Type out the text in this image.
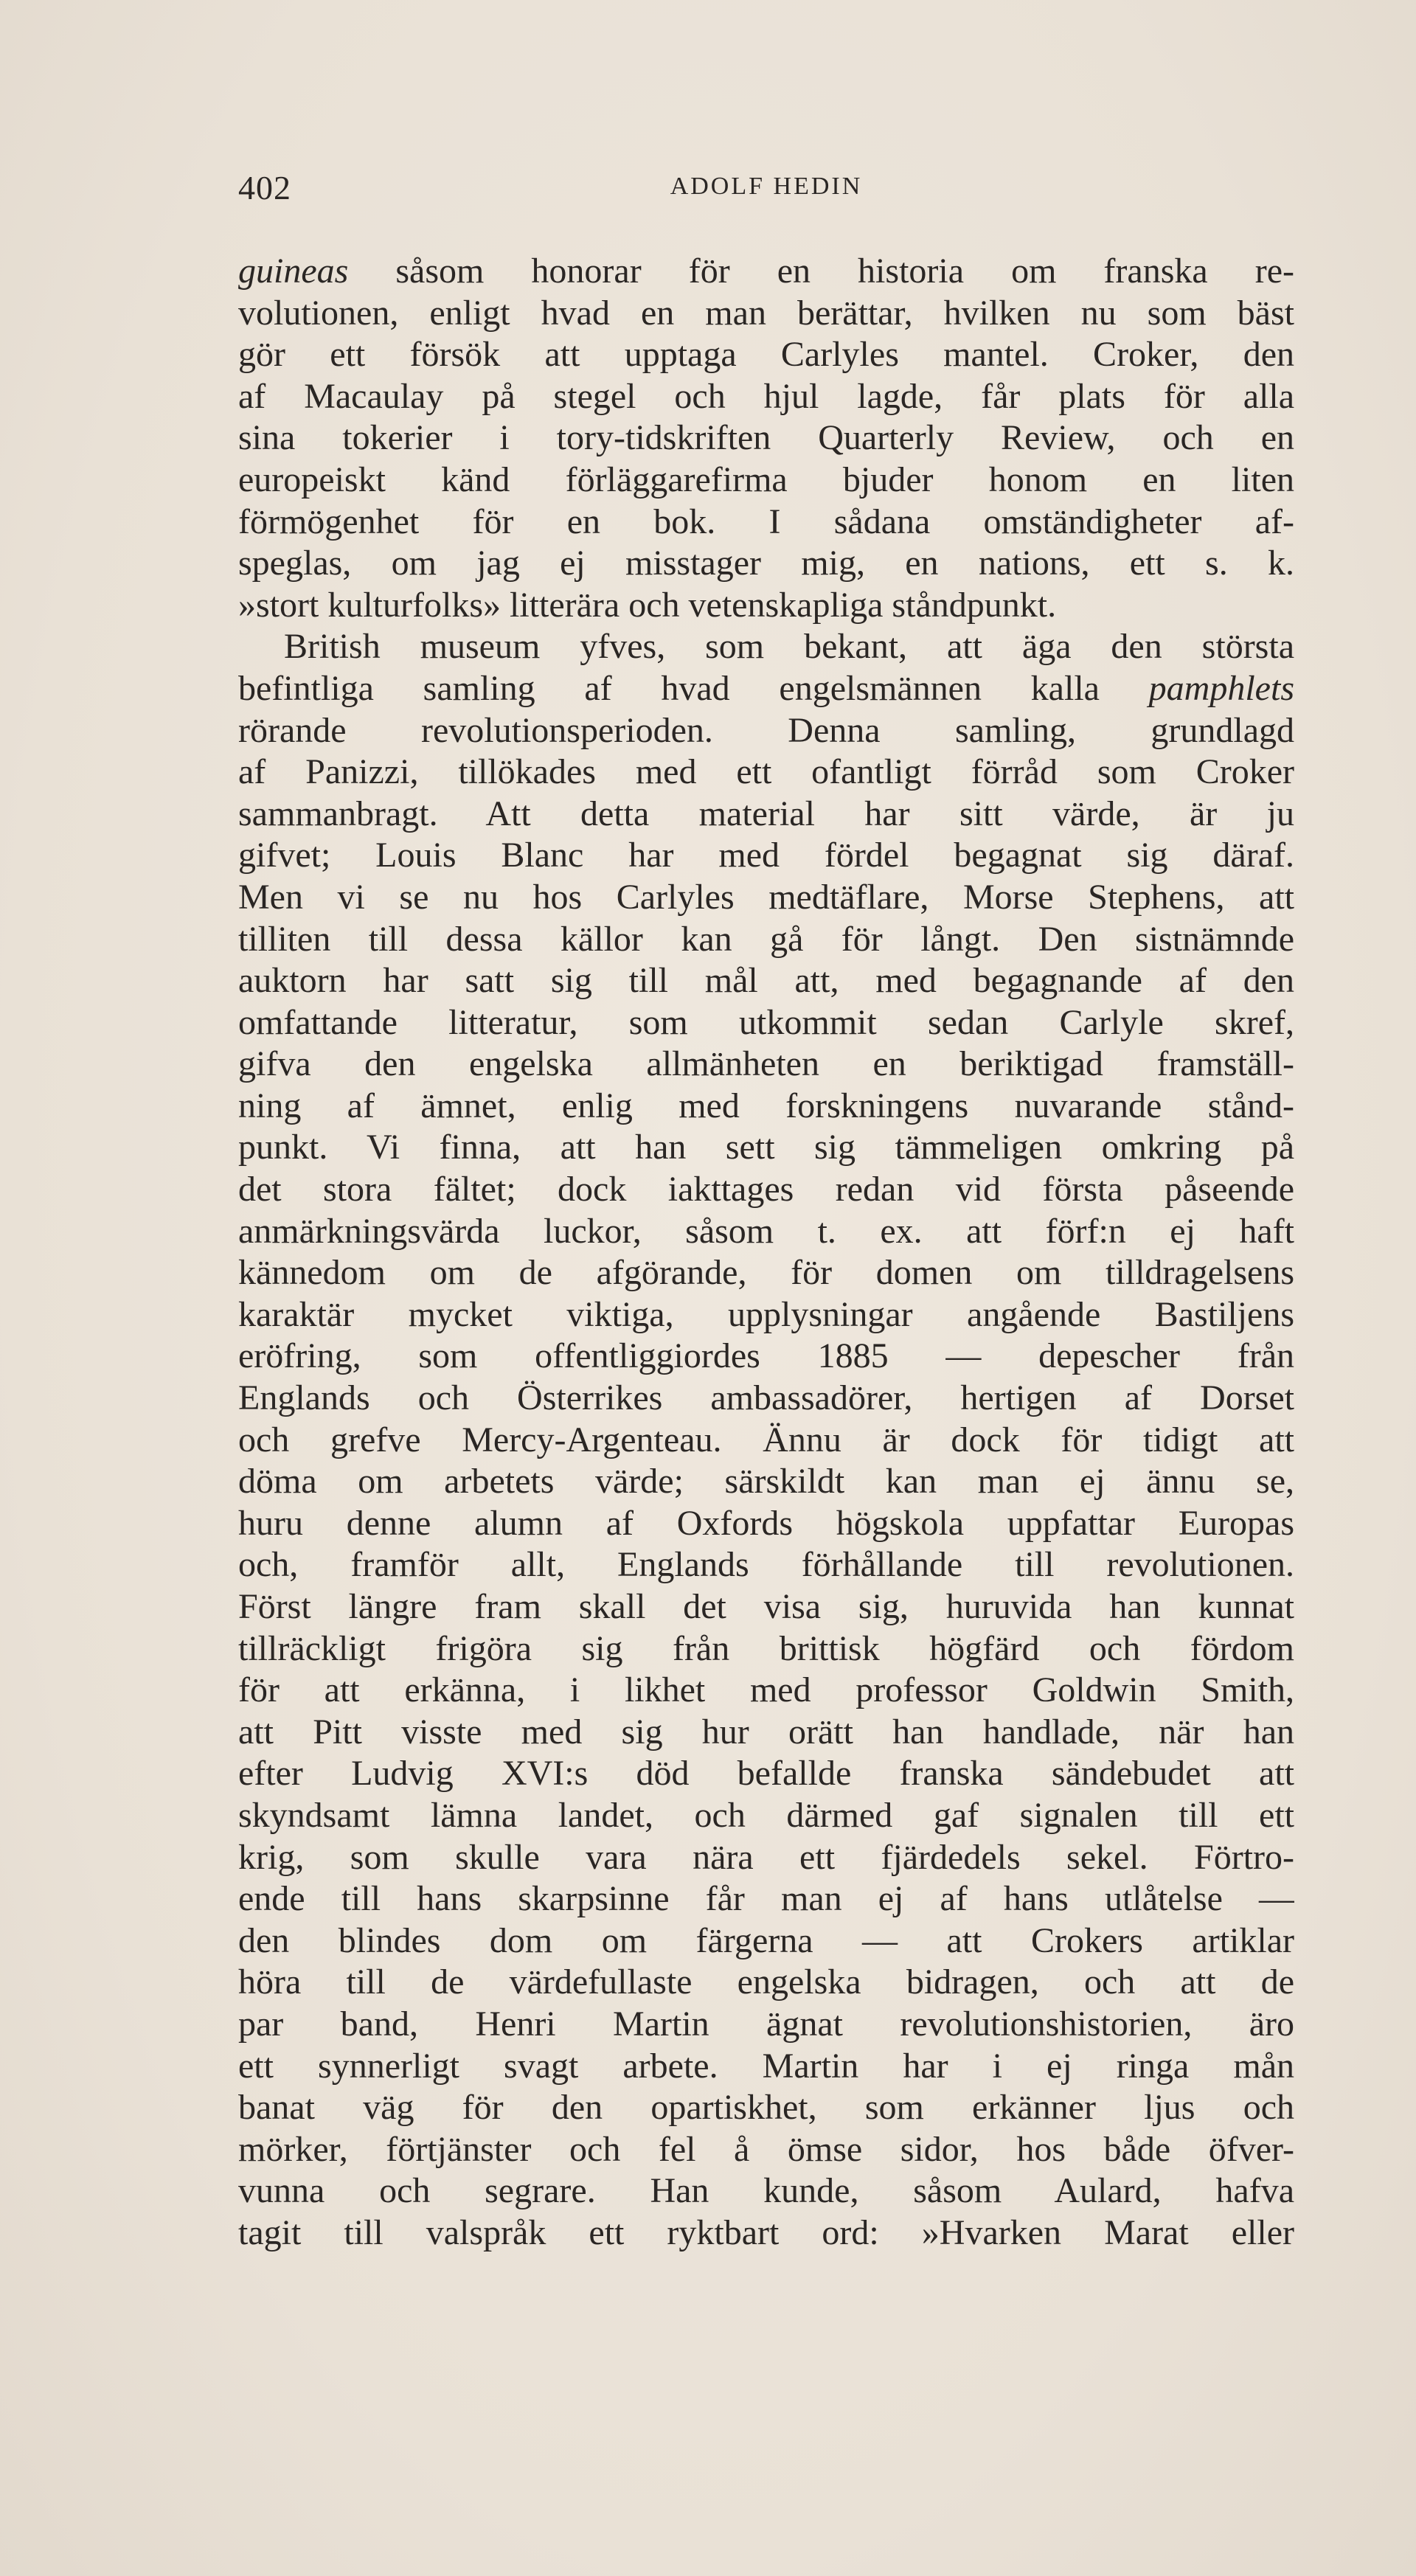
402	ADOLF HEDIN
guineas såsom honorar för en historia om franska re-
volutionen, enligt hvad en man berättar, hvilken nu som bäst
gör ett försök att upptaga Carlyles mantel. Croker, den
af Macaulay på stegel och hjul lagde, får plats för alla
sina tokerier i tory-tidskriften Quarterly Review, och en
europeiskt känd förläggarefirma bjuder honom en liten
förmögenhet för en bok. I sådana omständigheter af-
speglas, om jag ej misstager mig, en nations, ett s. k.
»stort kulturfolks» litterära och vetenskapliga ståndpunkt.
British museum yfves, som bekant, att äga den största
befintliga samling af hvad engelsmännen kalla pamphlets
rörande revolutionsperioden. Denna samling, grundlagd
af Panizzi, tillökades med ett ofantligt förråd som Croker
sammanbragt. Att detta material har sitt värde, är ju
gifvet; Louis Blanc har med fördel begagnat sig däraf.
Men vi se nu hos Carlyles medtäflare, Morse Stephens, att
tilliten till dessa källor kan gå för långt. Den sistnämnde
auktorn har satt sig till mål att, med begagnande af den
omfattande litteratur, som utkommit sedan Carlyle skref,
gifva den engelska allmänheten en beriktigad framställ-
ning af ämnet, enlig med forskningens nuvarande stånd-
punkt. Vi finna, att han sett sig tämmeligen omkring på
det stora fältet; dock iakttages redan vid första påseende
anmärkningsvärda luckor, såsom t. ex. att förf:n ej haft
kännedom om de afgörande, för domen om tilldragelsens
karaktär mycket viktiga, upplysningar angående Bastiljens
eröfring, som offentliggiordes 1885 — depescher från
Englands och Österrikes ambassadörer, hertigen af Dorset
och grefve Mercy-Argenteau. Ännu är dock för tidigt att
döma om arbetets värde; särskildt kan man ej ännu se,
huru denne alumn af Oxfords högskola uppfattar Europas
och, framför allt, Englands förhållande till revolutionen.
Först längre fram skall det visa sig, huruvida han kunnat
tillräckligt frigöra sig från brittisk högfärd och fördom
för att erkänna, i likhet med professor Goldwin Smith,
att Pitt visste med sig hur orätt han handlade, när han
efter Ludvig XVI:s död befallde franska sändebudet att
skyndsamt lämna landet, och därmed gaf signalen till ett
krig, som skulle vara nära ett fjärdedels sekel. Förtro-
ende till hans skarpsinne får man ej af hans utlåtelse —
den blindes dom om färgerna — att Crokers artiklar
höra till de värdefullaste engelska bidragen, och att de
par band, Henri Martin ägnat revolutionshistorien, äro
ett synnerligt svagt arbete. Martin har i ej ringa mån
banat väg för den opartiskhet, som erkänner ljus och
mörker, förtjänster och fel å ömse sidor, hos både öfver-
vunna och segrare. Han kunde, såsom Aulard, hafva
tagit till valspråk ett ryktbart ord: »Hvarken Marat eller
